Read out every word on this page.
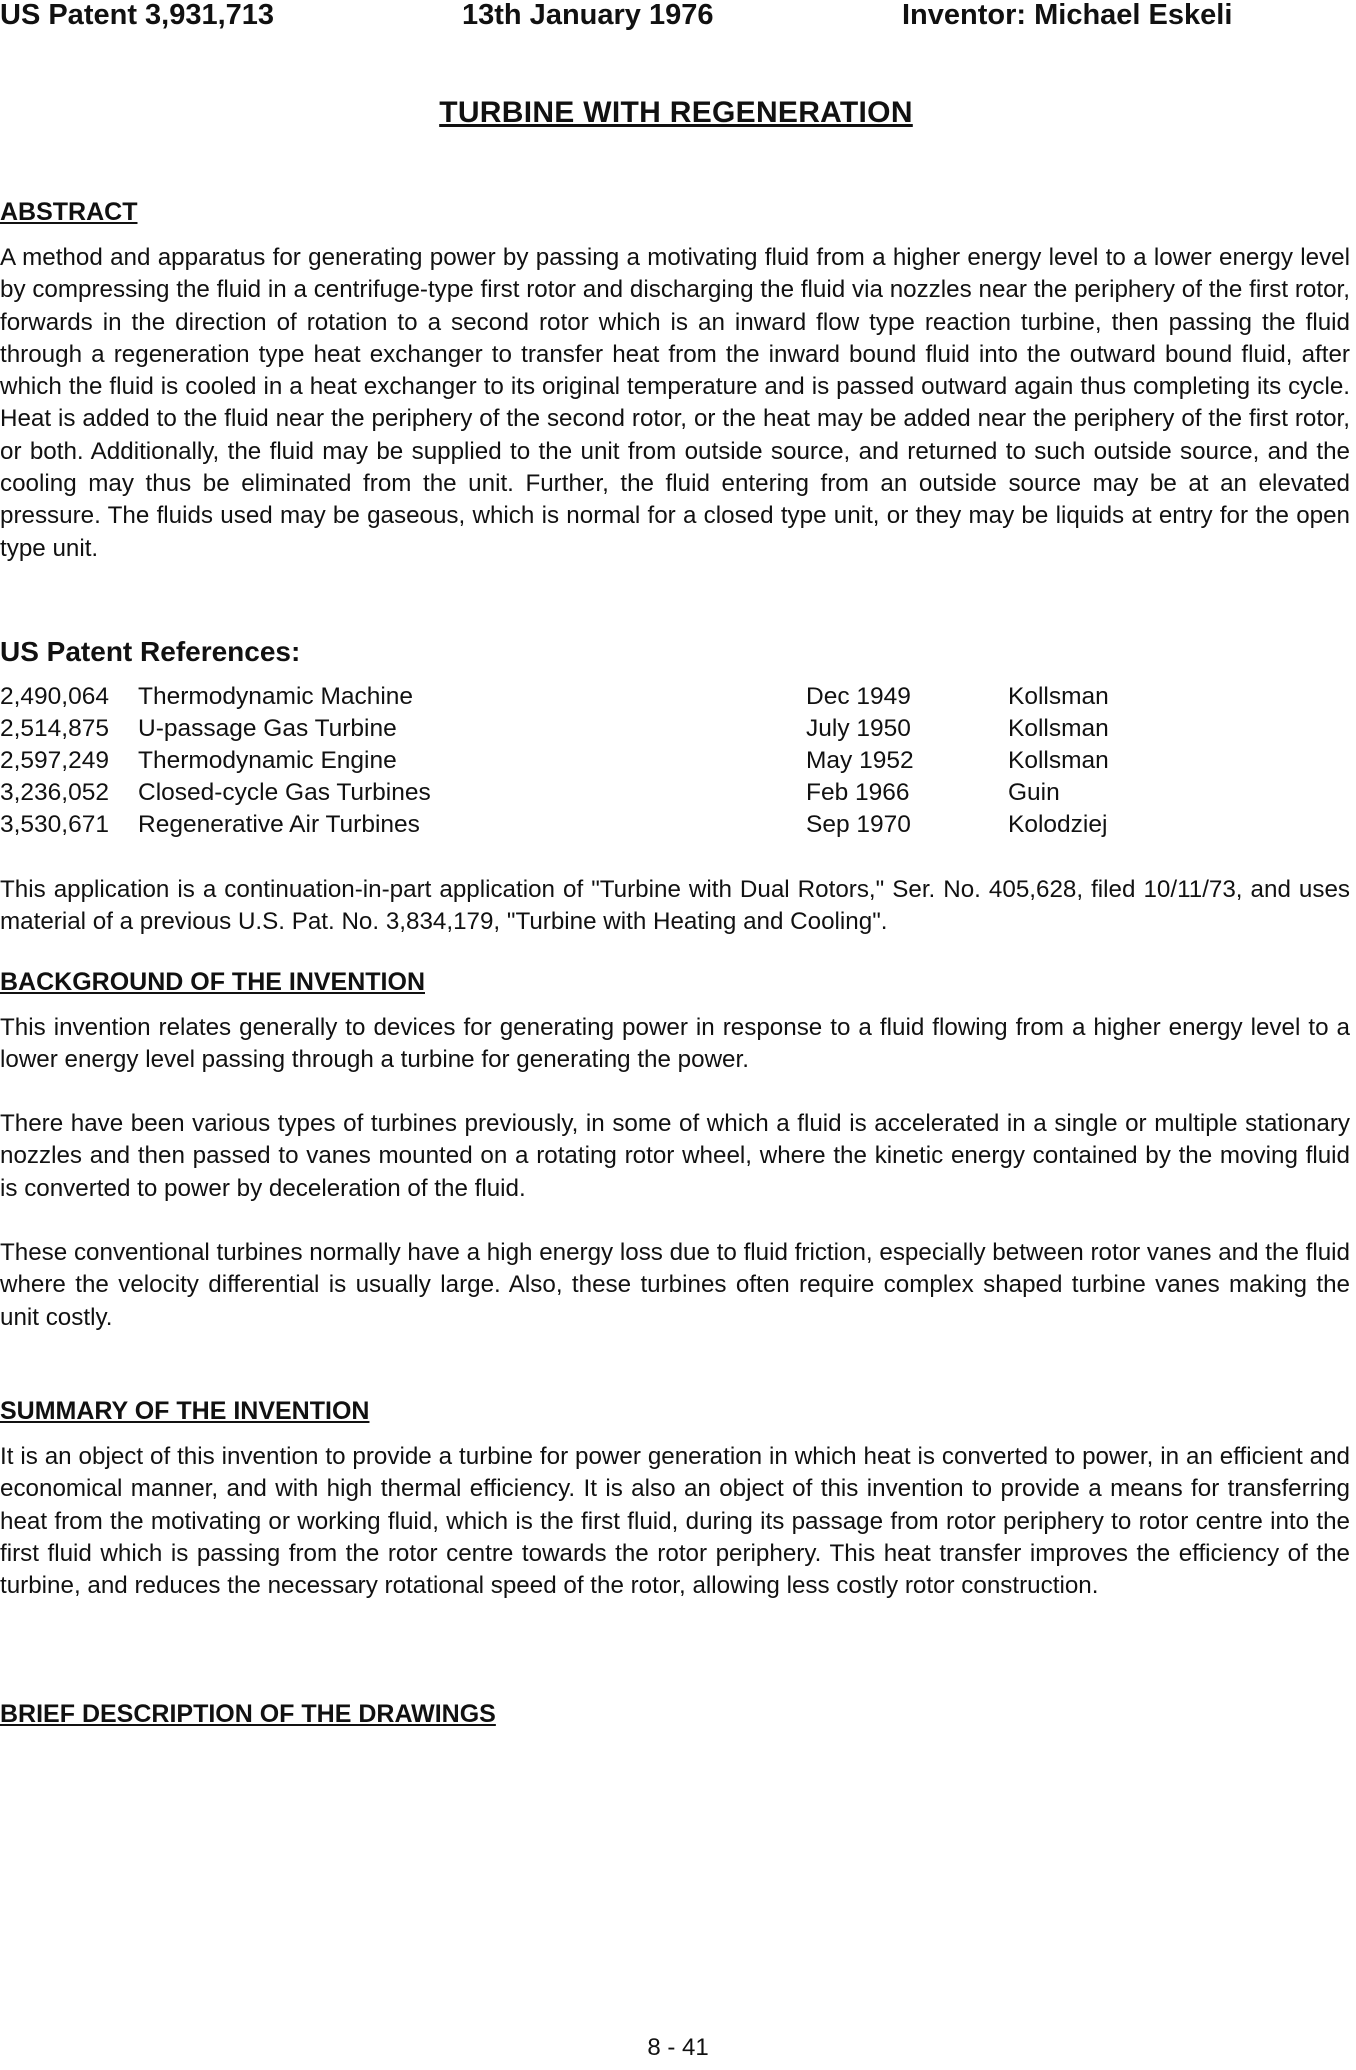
US Patent 3,931,713	13th January 1976	Inventor: Michael Eskeli
TURBINE WITH REGENERATION
ABSTRACT

A method and apparatus for generating power by passing a motivating fluid from a higher energy level to a lower energy level by compressing the fluid in a centrifuge-type first rotor and discharging the fluid via nozzles near the periphery of the first rotor, forwards in the direction of rotation to a second rotor which is an inward flow type reaction turbine, then passing the fluid through a regeneration type heat exchanger to transfer heat from the inward bound fluid into the outward bound fluid, after which the fluid is cooled in a heat exchanger to its original temperature and is passed outward again thus completing its cycle. Heat is added to the fluid near the periphery of the second rotor, or the heat may be added near the periphery of the first rotor, or both. Additionally, the fluid may be supplied to the unit from outside source, and returned to such outside source, and the cooling may thus be eliminated from the unit. Further, the fluid entering from an outside source may be at an elevated pressure. The fluids used may be gaseous, which is normal for a closed type unit, or they may be liquids at entry for the open type unit.

US Patent References:
2,490,064 Thermodynamic Machine	Dec 1949	Kollsman
2,514,875 U-passage Gas Turbine	July 1950	Kollsman
2,597,249 Thermodynamic Engine	May 1952	Kollsman
3,236,052 Closed-cycle Gas Turbines	Feb 1966	Guin
3,530,671 Regenerative Air Turbines	Sep 1970	Kolodziej

This application is a continuation-in-part application of "Turbine with Dual Rotors," Ser. No. 405,628, filed 10/11/73, and uses material of a previous U.S. Pat. No. 3,834,179, "Turbine with Heating and Cooling".

BACKGROUND OF THE INVENTION

This invention relates generally to devices for generating power in response to a fluid flowing from a higher energy level to a lower energy level passing through a turbine for generating the power.

There have been various types of turbines previously, in some of which a fluid is accelerated in a single or multiple stationary nozzles and then passed to vanes mounted on a rotating rotor wheel, where the kinetic energy contained by the moving fluid is converted to power by deceleration of the fluid.

These conventional turbines normally have a high energy loss due to fluid friction, especially between rotor vanes and the fluid where the velocity differential is usually large. Also, these turbines often require complex shaped turbine vanes making the unit costly.

SUMMARY OF THE INVENTION

It is an object of this invention to provide a turbine for power generation in which heat is converted to power, in an efficient and economical manner, and with high thermal efficiency. It is also an object of this invention to provide a means for transferring heat from the motivating or working fluid, which is the first fluid, during its passage from rotor periphery to rotor centre into the first fluid which is passing from the rotor centre towards the rotor periphery. This heat transfer improves the efficiency of the turbine, and reduces the necessary rotational speed of the rotor, allowing less costly rotor construction.

BRIEF DESCRIPTION OF THE DRAWINGS
8 - 41
